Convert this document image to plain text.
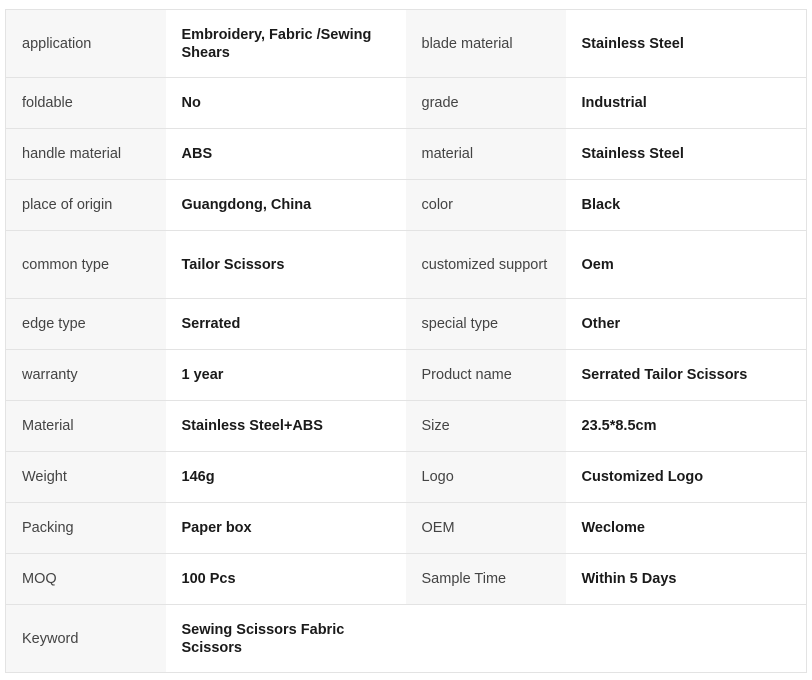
application	Embroidery, Fabric /Sewing Shears	blade material	Stainless Steel
foldable	No	grade	Industrial
handle material	ABS	material	Stainless Steel
place of origin	Guangdong, China	color	Black
common type	Tailor Scissors	customized support	Oem
edge type	Serrated	special type	Other
warranty	1 year	Product name	Serrated Tailor Scissors
Material	Stainless Steel+ABS	Size	23.5*8.5cm
Weight	146g	Logo	Customized Logo
Packing	Paper box	OEM	Weclome
MOQ	100 Pcs	Sample Time	Within 5 Days
Keyword	Sewing Scissors Fabric Scissors		
